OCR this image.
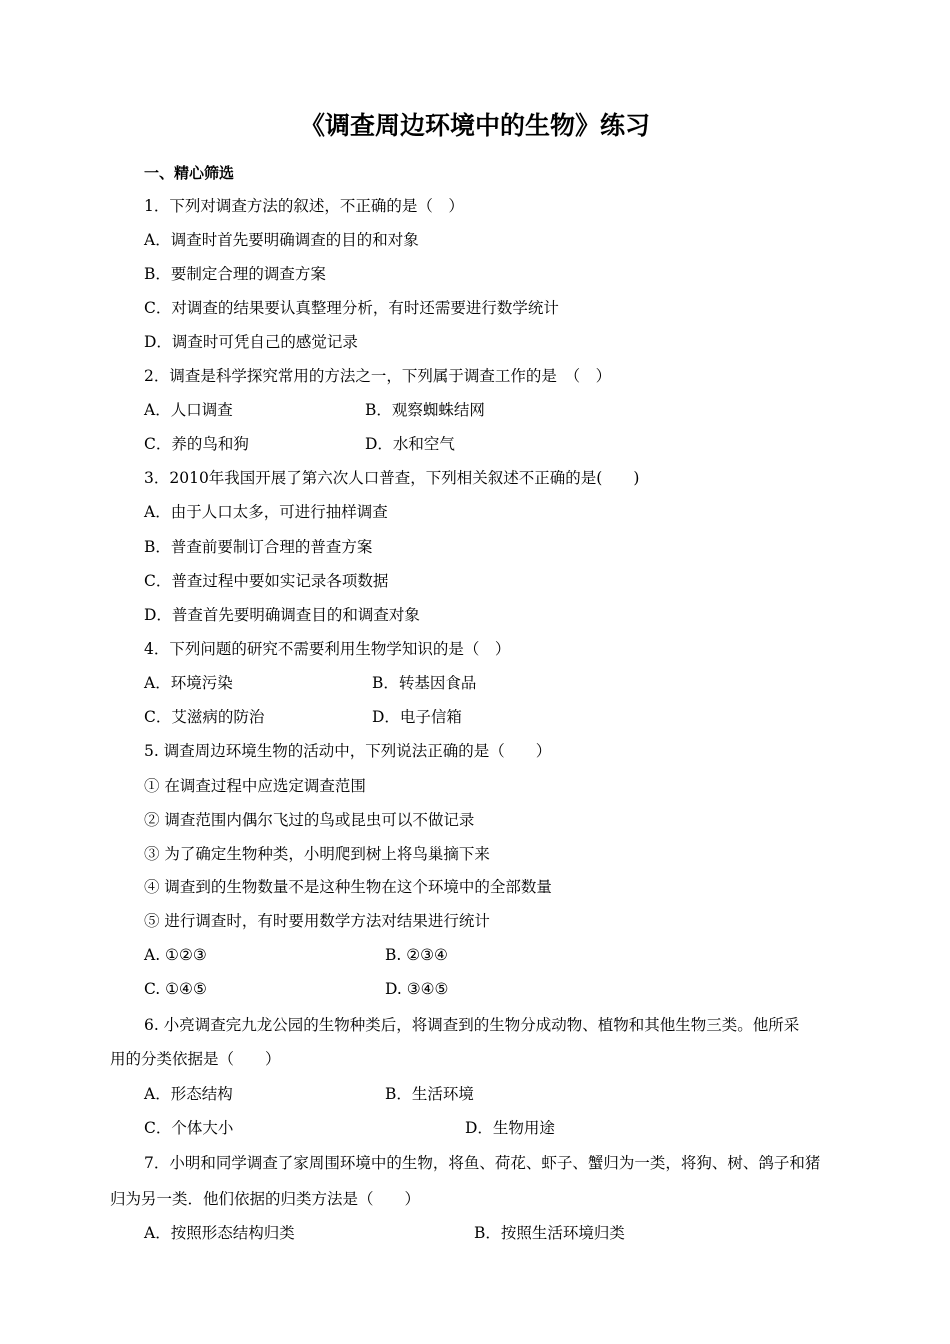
《调查周边环境中的生物》练习
一、精心筛选
1．下列对调查方法的叙述，不正确的是（　）
A．调查时首先要明确调查的目的和对象
B．要制定合理的调查方案
C．对调查的结果要认真整理分析，有时还需要进行数学统计
D．调查时可凭自己的感觉记录
2．调查是科学探究常用的方法之一，下列属于调查工作的是　（　）
A．人口调查	B．观察蜘蛛结网
C．养的鸟和狗	D．水和空气
3．2010年我国开展了第六次人口普查，下列相关叙述不正确的是(　　)
A．由于人口太多，可进行抽样调查
B．普查前要制订合理的普查方案
C．普查过程中要如实记录各项数据
D．普查首先要明确调查目的和调查对象
4．下列问题的研究不需要利用生物学知识的是（　）
A．环境污染	B．转基因食品
C．艾滋病的防治	D．电子信箱
5. 调查周边环境生物的活动中，下列说法正确的是（　　）
① 在调查过程中应选定调查范围
② 调查范围内偶尔飞过的鸟或昆虫可以不做记录
③ 为了确定生物种类，小明爬到树上将鸟巢摘下来
④ 调查到的生物数量不是这种生物在这个环境中的全部数量
⑤ 进行调查时，有时要用数学方法对结果进行统计
A. ①②③	B. ②③④
C. ①④⑤	D. ③④⑤
6. 小亮调查完九龙公园的生物种类后，将调查到的生物分成动物、植物和其他生物三类。他所采
用的分类依据是（　　）
A．形态结构	B．生活环境
C．个体大小	D．生物用途
7．小明和同学调查了家周围环境中的生物，将鱼、荷花、虾子、蟹归为一类，将狗、树、鸽子和猪
归为另一类．他们依据的归类方法是（　　）
A．按照形态结构归类	B．按照生活环境归类
